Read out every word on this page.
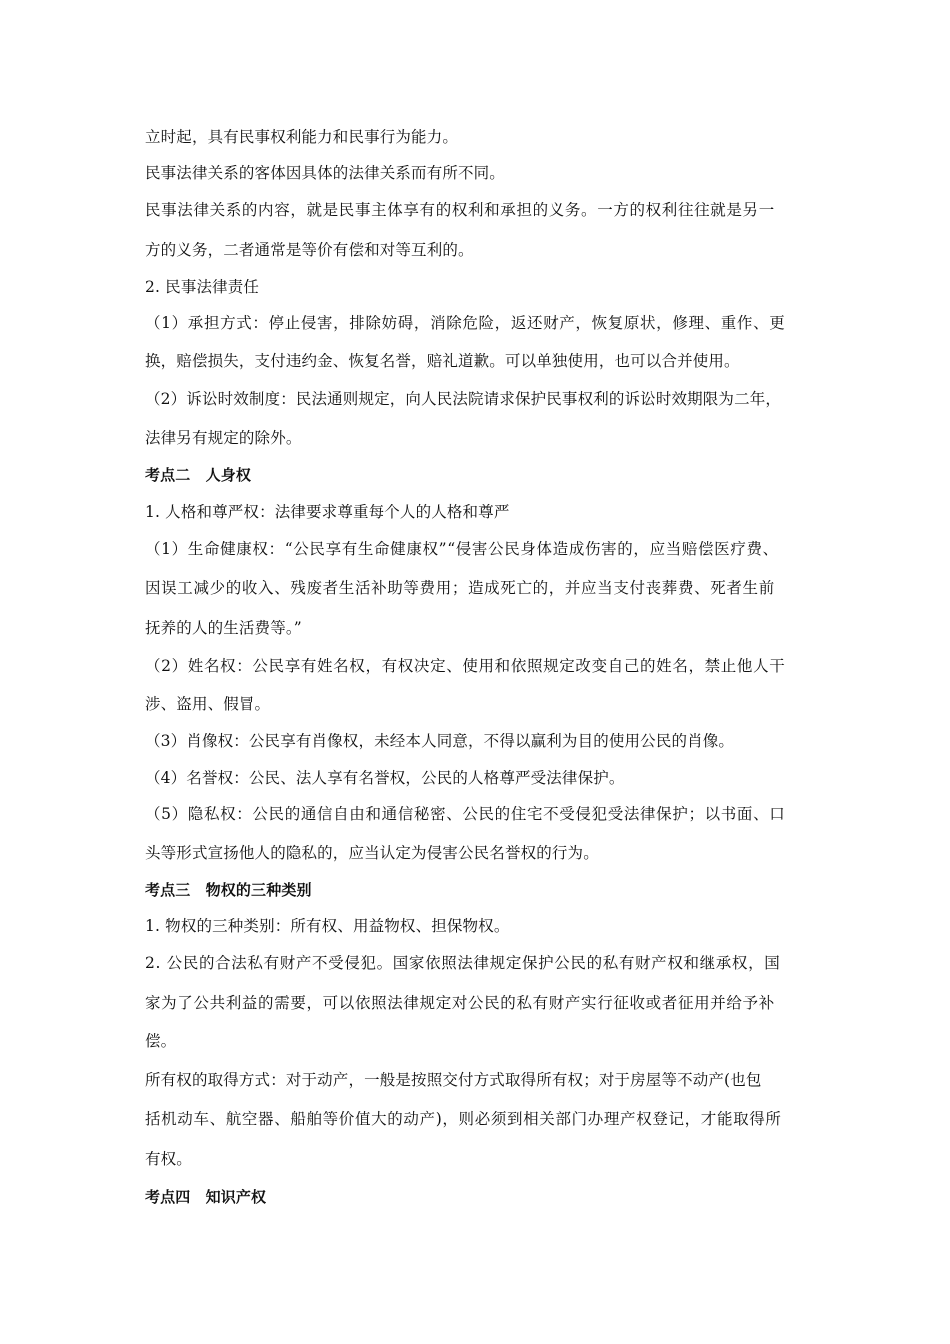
立时起，具有民事权利能力和民事行为能力。
民事法律关系的客体因具体的法律关系而有所不同。
民事法律关系的内容，就是民事主体享有的权利和承担的义务。一方的权利往往就是另一
方的义务，二者通常是等价有偿和对等互利的。
2. 民事法律责任
（1）承担方式：停止侵害，排除妨碍，消除危险，返还财产，恢复原状，修理、重作、更
换，赔偿损失，支付违约金、恢复名誉，赔礼道歉。可以单独使用，也可以合并使用。
（2）诉讼时效制度：民法通则规定，向人民法院请求保护民事权利的诉讼时效期限为二年，
法律另有规定的除外。
考点二　人身权
1. 人格和尊严权：法律要求尊重每个人的人格和尊严
（1）生命健康权：“公民享有生命健康权”“侵害公民身体造成伤害的，应当赔偿医疗费、
因误工减少的收入、残废者生活补助等费用；造成死亡的，并应当支付丧葬费、死者生前
抚养的人的生活费等。”
（2）姓名权：公民享有姓名权，有权决定、使用和依照规定改变自己的姓名，禁止他人干
涉、盗用、假冒。
（3）肖像权：公民享有肖像权，未经本人同意，不得以赢利为目的使用公民的肖像。
（4）名誉权：公民、法人享有名誉权，公民的人格尊严受法律保护。
（5）隐私权：公民的通信自由和通信秘密、公民的住宅不受侵犯受法律保护；以书面、口
头等形式宣扬他人的隐私的，应当认定为侵害公民名誉权的行为。
考点三　物权的三种类别
1. 物权的三种类别：所有权、用益物权、担保物权。
2. 公民的合法私有财产不受侵犯。国家依照法律规定保护公民的私有财产权和继承权，国
家为了公共利益的需要，可以依照法律规定对公民的私有财产实行征收或者征用并给予补
偿。
所有权的取得方式：对于动产，一般是按照交付方式取得所有权；对于房屋等不动产(也包
括机动车、航空器、船舶等价值大的动产)，则必须到相关部门办理产权登记，才能取得所
有权。
考点四　知识产权
